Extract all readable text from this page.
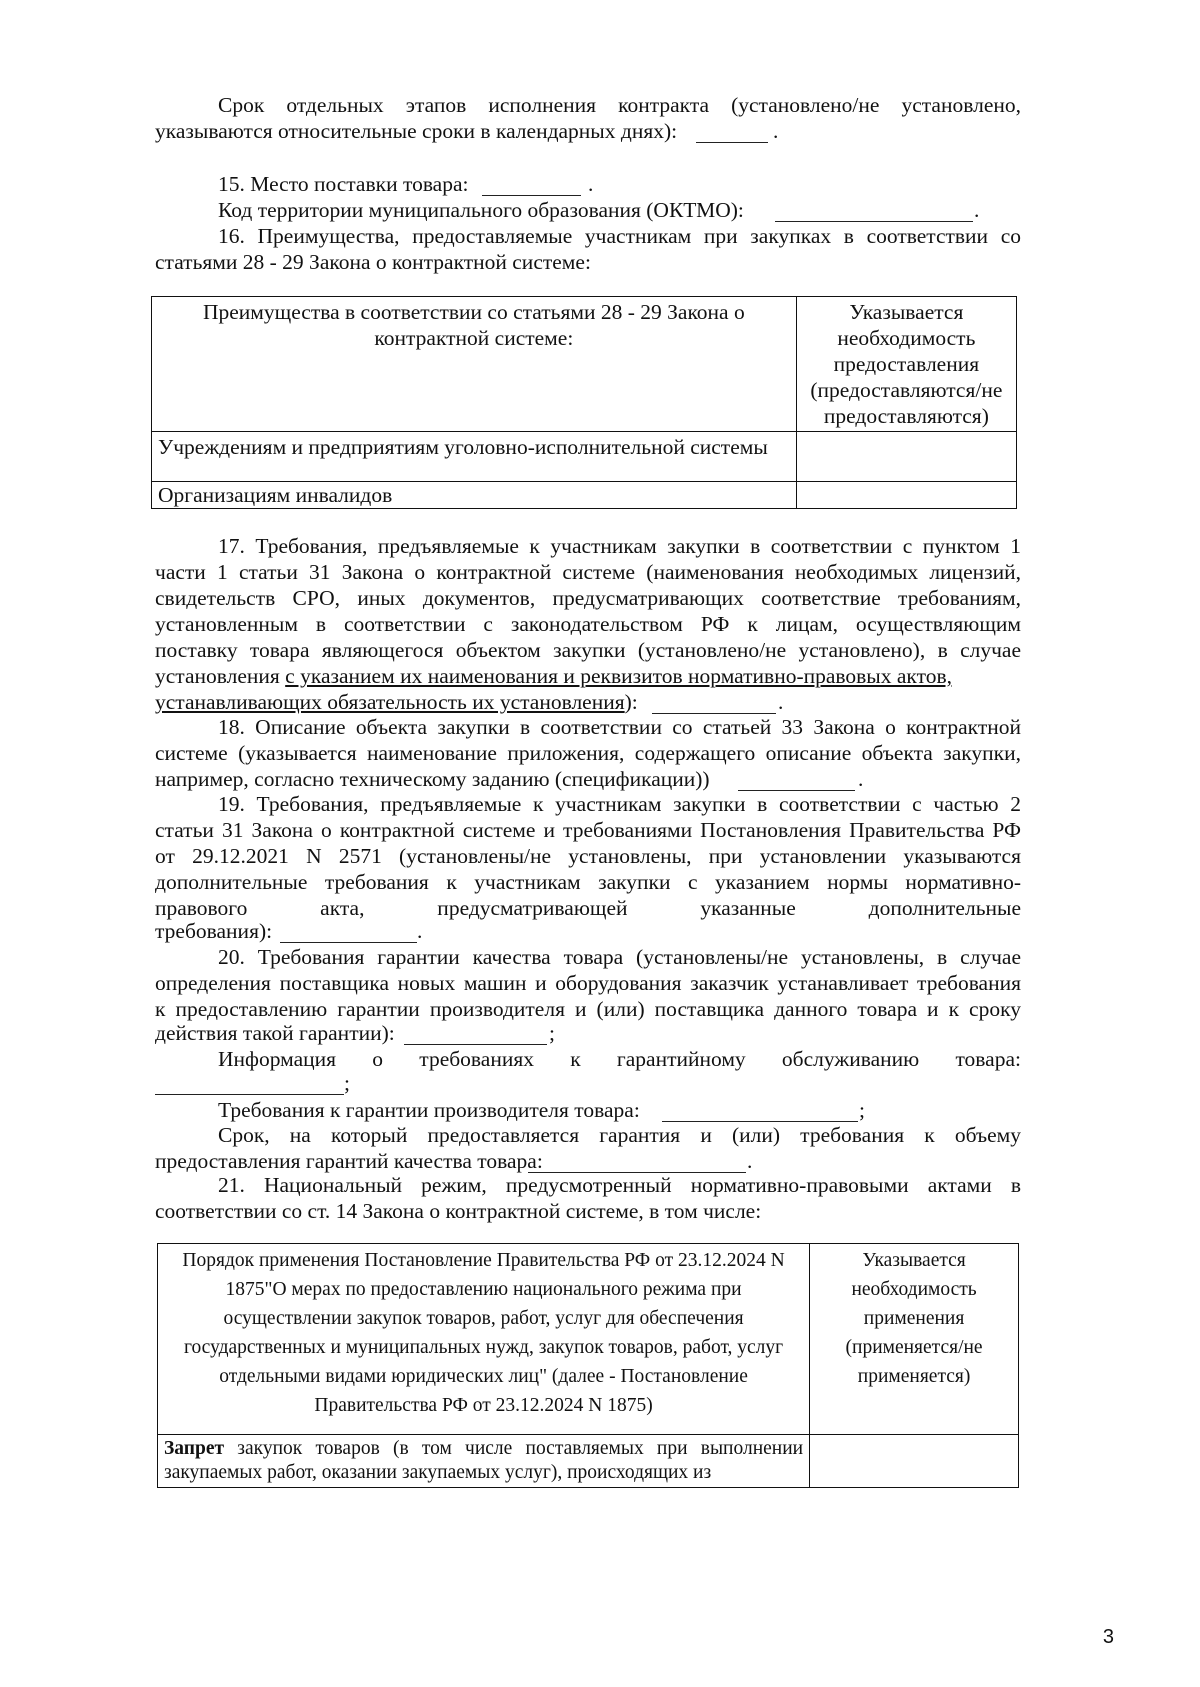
Срок отдельных этапов исполнения контракта (установлено/не установлено,
указываются относительные сроки в календарных днях):	.
15. Место поставки товара:	.
Код территории муниципального образования (ОКТМО):	.
16. Преимущества, предоставляемые участникам при закупках в соответствии со
статьями 28 - 29 Закона о контрактной системе:
Преимущества в соответствии со статьями 28 - 29 Закона о контрактной системе:	Указывается необходимость предоставления (предоставляются/не предоставляются)
Учреждениям и предприятиям уголовно-исполнительной системы	
Организациям инвалидов	
17. Требования, предъявляемые к участникам закупки в соответствии с пунктом 1
части 1 статьи 31 Закона о контрактной системе (наименования необходимых лицензий,
свидетельств СРО, иных документов, предусматривающих соответствие требованиям,
установленным в соответствии с законодательством РФ к лицам, осуществляющим
поставку товара являющегося объектом закупки (установлено/не установлено), в случае
установления с указанием их наименования и реквизитов нормативно-правовых актов,
устанавливающих обязательность их установления):	.
18. Описание объекта закупки в соответствии со статьей 33 Закона о контрактной
системе (указывается наименование приложения, содержащего описание объекта закупки,
например, согласно техническому заданию (спецификации))	.
19. Требования, предъявляемые к участникам закупки в соответствии с частью 2
статьи 31 Закона о контрактной системе и требованиями Постановления Правительства РФ
от 29.12.2021 N 2571 (установлены/не установлены, при установлении указываются
дополнительные требования к участникам закупки с указанием нормы нормативно-
правового акта, предусматривающей указанные дополнительные
требования):	.
20. Требования гарантии качества товара (установлены/не установлены, в случае
определения поставщика новых машин и оборудования заказчик устанавливает требования
к предоставлению гарантии производителя и (или) поставщика данного товара и к сроку
действия такой гарантии):	;
Информация о требованиях к гарантийному обслуживанию товара:
;
Требования к гарантии производителя товара:	;
Срок, на который предоставляется гарантия и (или) требования к объему
предоставления гарантий качества товара:	.
21. Национальный режим, предусмотренный нормативно-правовыми актами в
соответствии со ст. 14 Закона о контрактной системе, в том числе:
Порядок применения Постановление Правительства РФ от 23.12.2024 N 1875"О мерах по предоставлению национального режима при осуществлении закупок товаров, работ, услуг для обеспечения государственных и муниципальных нужд, закупок товаров, работ, услуг отдельными видами юридических лиц" (далее - Постановление Правительства РФ от 23.12.2024 N 1875)	Указывается необходимость применения (применяется/не применяется)
Запрет закупок товаров (в том числе поставляемых при выполнении закупаемых работ, оказании закупаемых услуг), происходящих из	
3
